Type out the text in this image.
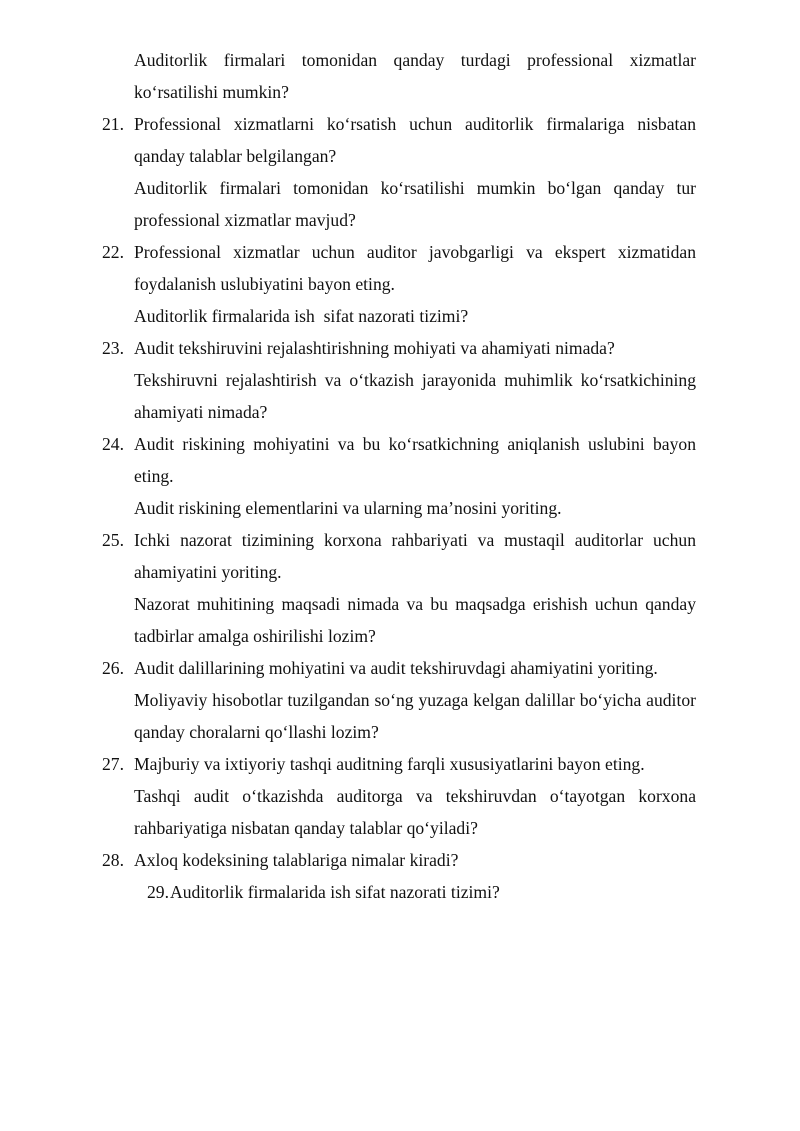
Auditorlik firmalari tomonidan qanday turdagi professional xizmatlar ko‘rsatilishi mumkin?
21. Professional xizmatlarni ko‘rsatish uchun auditorlik firmalariga nisbatan qanday talablar belgilangan?
Auditorlik firmalari tomonidan ko‘rsatilishi mumkin bo‘lgan qanday tur professional xizmatlar mavjud?
22. Professional xizmatlar uchun auditor javobgarligi va ekspert xizmatidan foydalanish uslubiyatini bayon eting.
Auditorlik firmalarida ish  sifat nazorati tizimi?
23. Audit tekshiruvini rejalashtirishning mohiyati va ahamiyati nimada?
Tekshiruvni rejalashtirish va o‘tkazish jarayonida muhimlik ko‘rsatkichining ahamiyati nimada?
24. Audit riskining mohiyatini va bu ko‘rsatkichning aniqlanish uslubini bayon eting.
Audit riskining elementlarini va ularning ma’nosini yoriting.
25. Ichki nazorat tizimining korxona rahbariyati va mustaqil auditorlar uchun ahamiyatini yoriting.
Nazorat muhitining maqsadi nimada va bu maqsadga erishish uchun qanday tadbirlar amalga oshirilishi lozim?
26. Audit dalillarining mohiyatini va audit tekshiruvdagi ahamiyatini yoriting.
Moliyaviy hisobotlar tuzilgandan so‘ng yuzaga kelgan dalillar bo‘yicha auditor qanday choralarni qo‘llashi lozim?
27. Majburiy va ixtiyoriy tashqi auditning farqli xususiyatlarini bayon eting.
Tashqi audit o‘tkazishda auditorga va tekshiruvdan o‘tayotgan korxona rahbariyatiga nisbatan qanday talablar qo‘yiladi?
28. Axloq kodeksining talablariga nimalar kiradi?
29.Auditorlik firmalarida ish sifat nazorati tizimi?
